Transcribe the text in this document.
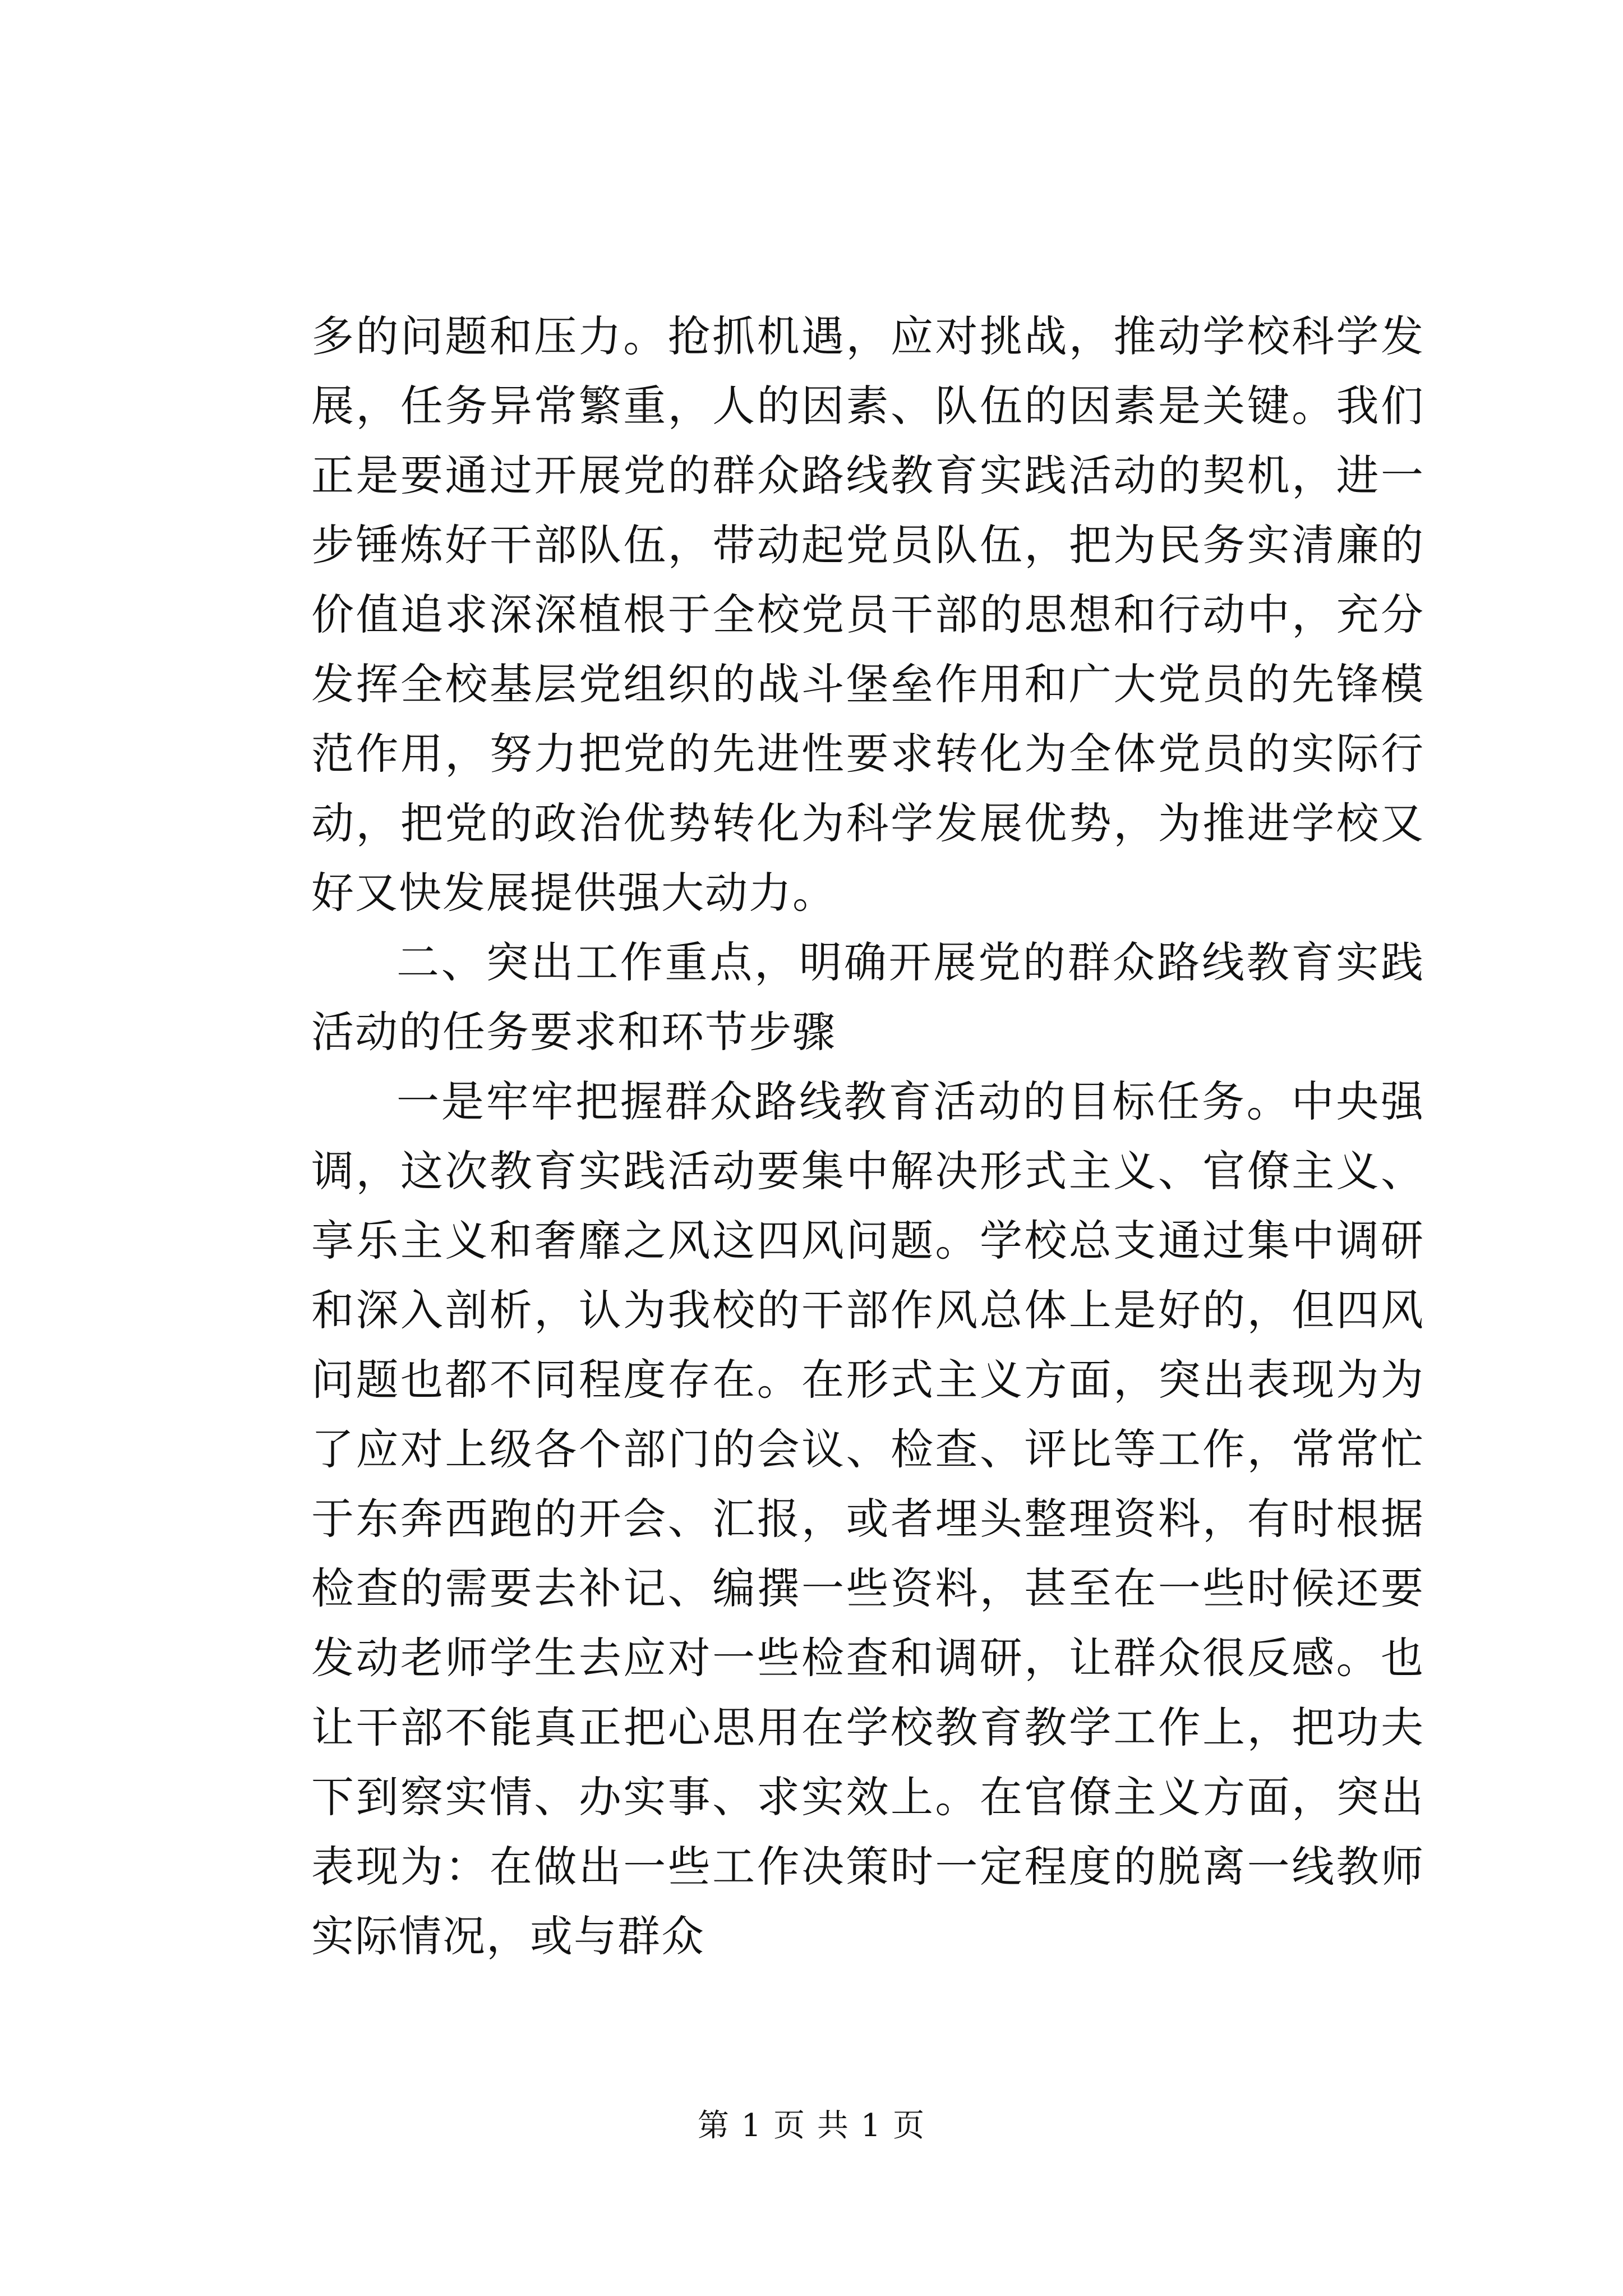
多的问题和压力。抢抓机遇，应对挑战，推动学校科学发展，任务异常繁重，人的因素、队伍的因素是关键。我们正是要通过开展党的群众路线教育实践活动的契机，进一步锤炼好干部队伍，带动起党员队伍，把为民务实清廉的价值追求深深植根于全校党员干部的思想和行动中，充分发挥全校基层党组织的战斗堡垒作用和广大党员的先锋模范作用，努力把党的先进性要求转化为全体党员的实际行动，把党的政治优势转化为科学发展优势，为推进学校又好又快发展提供强大动力。

二、突出工作重点，明确开展党的群众路线教育实践活动的任务要求和环节步骤

一是牢牢把握群众路线教育活动的目标任务。中央强调，这次教育实践活动要集中解决形式主义、官僚主义、享乐主义和奢靡之风这四风问题。学校总支通过集中调研和深入剖析，认为我校的干部作风总体上是好的，但四风问题也都不同程度存在。在形式主义方面，突出表现为为了应对上级各个部门的会议、检查、评比等工作，常常忙于东奔西跑的开会、汇报，或者埋头整理资料，有时根据检查的需要去补记、编撰一些资料，甚至在一些时候还要发动老师学生去应对一些检查和调研，让群众很反感。也让干部不能真正把心思用在学校教育教学工作上，把功夫下到察实情、办实事、求实效上。在官僚主义方面，突出表现为：在做出一些工作决策时一定程度的脱离一线教师实际情况，或与群众

第 1 页 共 1 页
